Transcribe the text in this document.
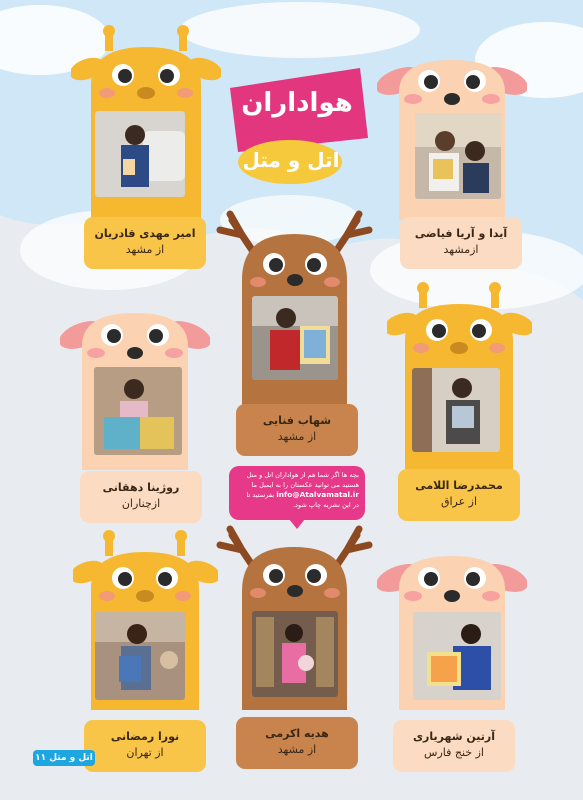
هواداران
اتل و متل
آیدا و آریا فیاضی
ازمشهد
امیر مهدی قادریان
از مشهد
شهاب فنایی
از مشهد
محمدرضا اللامی
از عراق
روژینا دهقانی
ازچناران
بچه ها اگر شما هم از هواداران اتل و متل
هستید می توانید عکستان را به ایمیل ما
info@Atalvamatal.ir بفرستید تا
در این نشریه چاپ شود.
هدیه اکرمی
از مشهد
آرتین شهریاری
از خنج فارس
نورا رمضانی
از تهران
اتل و متل ۱۱
